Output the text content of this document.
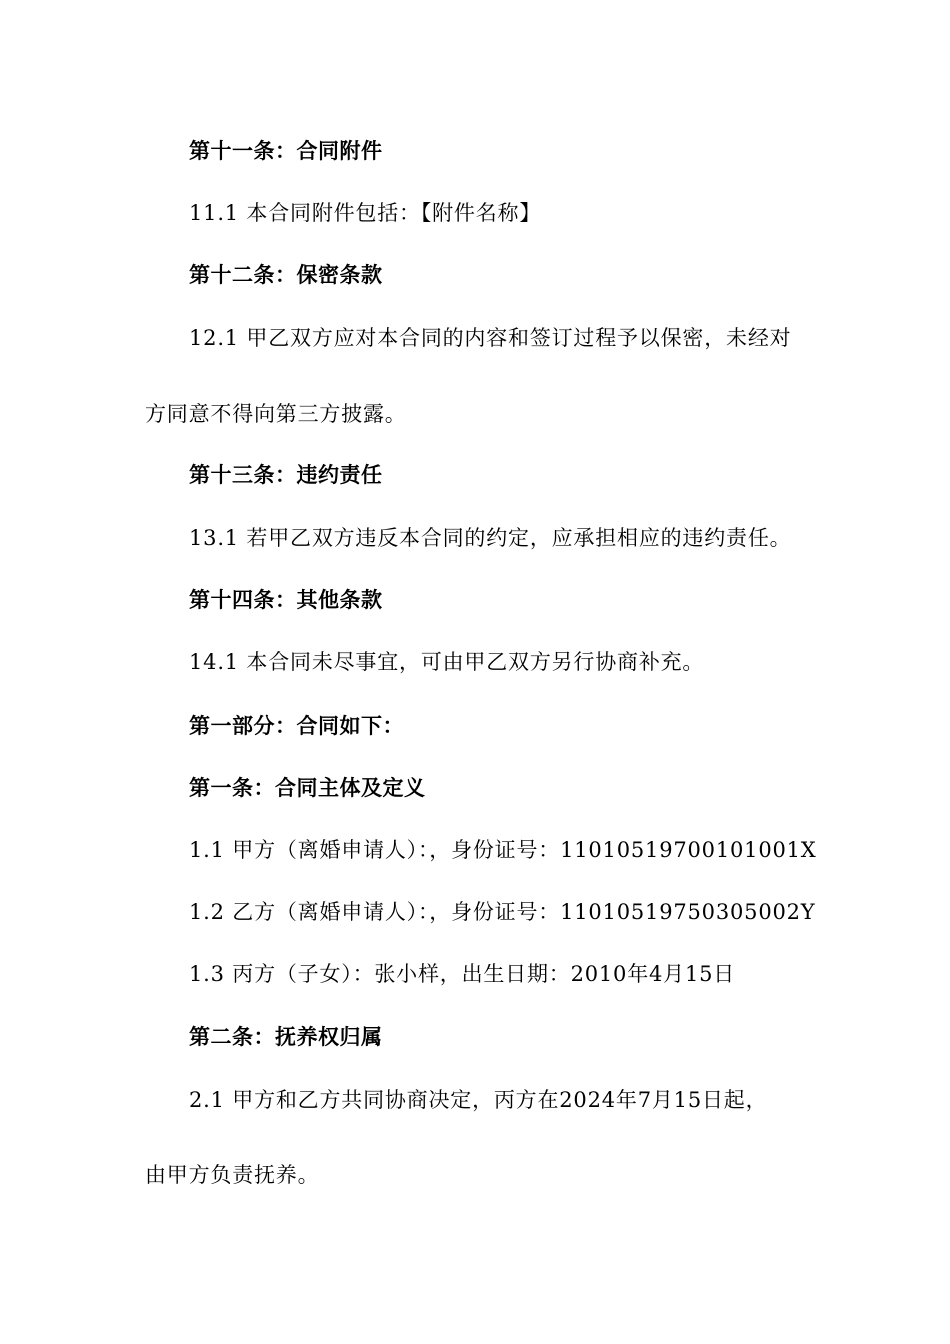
第十一条：合同附件
11.1 本合同附件包括：【附件名称】
第十二条：保密条款
12.1 甲乙双方应对本合同的内容和签订过程予以保密，未经对
方同意不得向第三方披露。
第十三条：违约责任
13.1 若甲乙双方违反本合同的约定，应承担相应的违约责任。
第十四条：其他条款
14.1 本合同未尽事宜，可由甲乙双方另行协商补充。
第一部分：合同如下：
第一条：合同主体及定义
1.1 甲方（离婚申请人）：，身份证号：11010519700101001X
1.2 乙方（离婚申请人）：，身份证号：11010519750305002Y
1.3 丙方（子女）：张小样，出生日期：2010年4月15日
第二条：抚养权归属
2.1 甲方和乙方共同协商决定，丙方在2024年7月15日起，
由甲方负责抚养。
